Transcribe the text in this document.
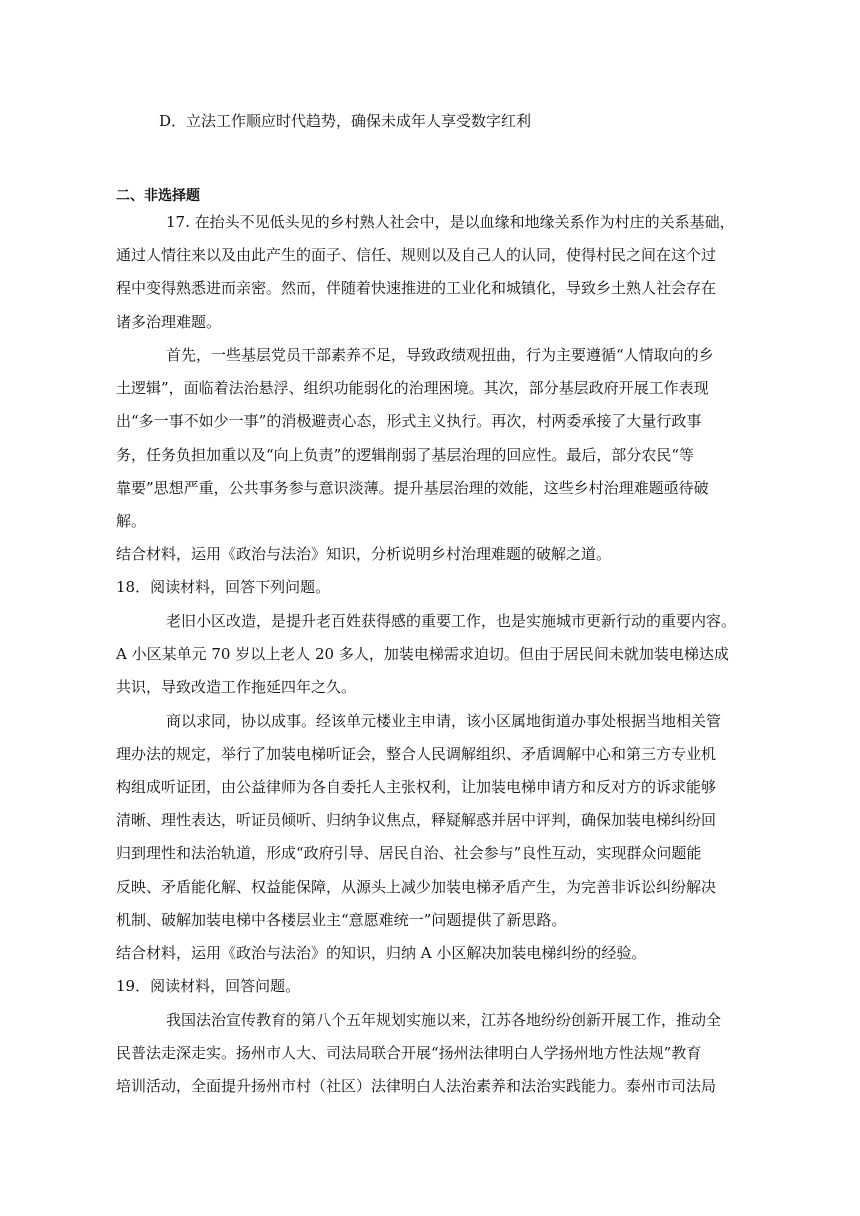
D．立法工作顺应时代趋势，确保未成年人享受数字红利
二、非选择题
17. 在抬头不见低头见的乡村熟人社会中，是以血缘和地缘关系作为村庄的关系基础，
通过人情往来以及由此产生的面子、信任、规则以及自己人的认同，使得村民之间在这个过
程中变得熟悉进而亲密。然而，伴随着快速推进的工业化和城镇化，导致乡土熟人社会存在
诸多治理难题。
首先，一些基层党员干部素养不足，导致政绩观扭曲，行为主要遵循“人情取向的乡
土逻辑”，面临着法治悬浮、组织功能弱化的治理困境。其次，部分基层政府开展工作表现
出“多一事不如少一事”的消极避责心态，形式主义执行。再次，村两委承接了大量行政事
务，任务负担加重以及“向上负责”的逻辑削弱了基层治理的回应性。最后，部分农民“等
靠要”思想严重，公共事务参与意识淡薄。提升基层治理的效能，这些乡村治理难题亟待破
解。
结合材料，运用《政治与法治》知识，分析说明乡村治理难题的破解之道。
18．阅读材料，回答下列问题。
老旧小区改造，是提升老百姓获得感的重要工作，也是实施城市更新行动的重要内容。
A 小区某单元 70 岁以上老人 20 多人，加装电梯需求迫切。但由于居民间未就加装电梯达成
共识，导致改造工作拖延四年之久。
商以求同，协以成事。经该单元楼业主申请，该小区属地街道办事处根据当地相关管
理办法的规定，举行了加装电梯听证会，整合人民调解组织、矛盾调解中心和第三方专业机
构组成听证团，由公益律师为各自委托人主张权利，让加装电梯申请方和反对方的诉求能够
清晰、理性表达，听证员倾听、归纳争议焦点，释疑解惑并居中评判，确保加装电梯纠纷回
归到理性和法治轨道，形成“政府引导、居民自治、社会参与”良性互动，实现群众问题能
反映、矛盾能化解、权益能保障，从源头上减少加装电梯矛盾产生，为完善非诉讼纠纷解决
机制、破解加装电梯中各楼层业主“意愿难统一”问题提供了新思路。
结合材料，运用《政治与法治》的知识，归纳 A 小区解决加装电梯纠纷的经验。
19．阅读材料，回答问题。
我国法治宣传教育的第八个五年规划实施以来，江苏各地纷纷创新开展工作，推动全
民普法走深走实。扬州市人大、司法局联合开展“扬州法律明白人学扬州地方性法规”教育
培训活动，全面提升扬州市村（社区）法律明白人法治素养和法治实践能力。泰州市司法局
